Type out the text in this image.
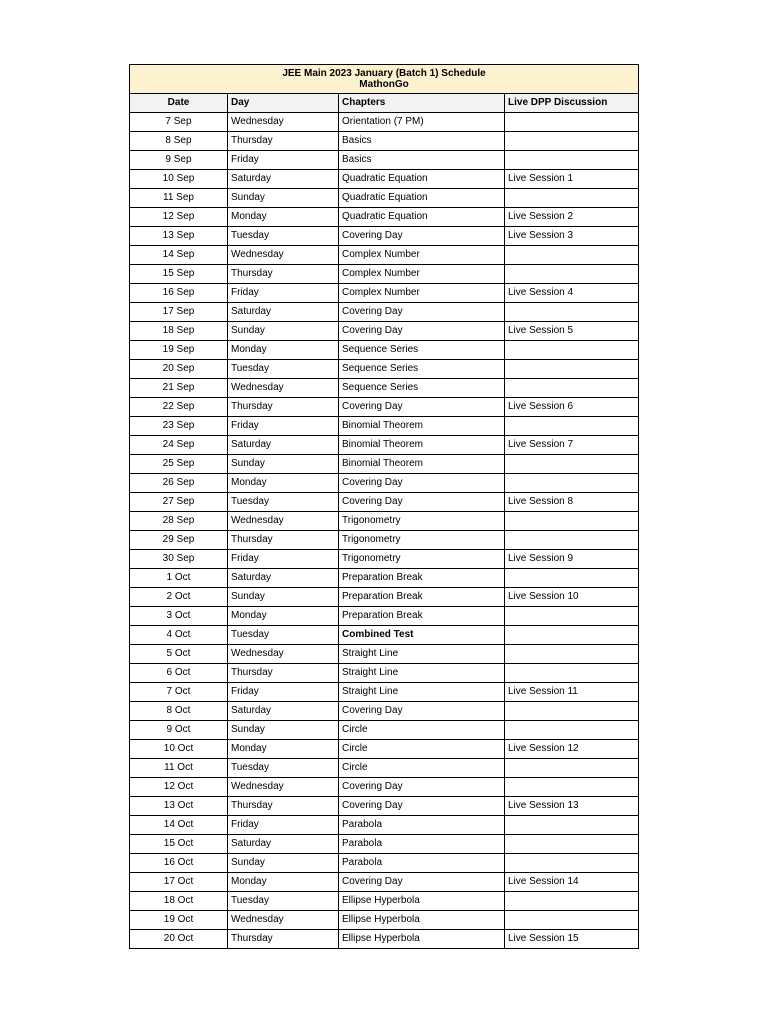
JEE Main 2023 January (Batch 1) Schedule
MathonGo			

Date	Day	Chapters	Live DPP Discussion
7 Sep	Wednesday	Orientation (7 PM)	
8 Sep	Thursday	Basics	
9 Sep	Friday	Basics	
10 Sep	Saturday	Quadratic Equation	Live Session 1
11 Sep	Sunday	Quadratic Equation	
12 Sep	Monday	Quadratic Equation	Live Session 2
13 Sep	Tuesday	Covering Day	Live Session 3
14 Sep	Wednesday	Complex Number	
15 Sep	Thursday	Complex Number	
16 Sep	Friday	Complex Number	Live Session 4
17 Sep	Saturday	Covering Day	
18 Sep	Sunday	Covering Day	Live Session 5
19 Sep	Monday	Sequence Series	
20 Sep	Tuesday	Sequence Series	
21 Sep	Wednesday	Sequence Series	
22 Sep	Thursday	Covering Day	Live Session 6
23 Sep	Friday	Binomial Theorem	
24 Sep	Saturday	Binomial Theorem	Live Session 7
25 Sep	Sunday	Binomial Theorem	
26 Sep	Monday	Covering Day	
27 Sep	Tuesday	Covering Day	Live Session 8
28 Sep	Wednesday	Trigonometry	
29 Sep	Thursday	Trigonometry	
30 Sep	Friday	Trigonometry	Live Session 9
1 Oct	Saturday	Preparation Break	
2 Oct	Sunday	Preparation Break	Live Session 10
3 Oct	Monday	Preparation Break	
4 Oct	Tuesday	Combined Test	
5 Oct	Wednesday	Straight Line	
6 Oct	Thursday	Straight Line	
7 Oct	Friday	Straight Line	Live Session 11
8 Oct	Saturday	Covering Day	
9 Oct	Sunday	Circle	
10 Oct	Monday	Circle	Live Session 12
11 Oct	Tuesday	Circle	
12 Oct	Wednesday	Covering Day	
13 Oct	Thursday	Covering Day	Live Session 13
14 Oct	Friday	Parabola	
15 Oct	Saturday	Parabola	
16 Oct	Sunday	Parabola	
17 Oct	Monday	Covering Day	Live Session 14
18 Oct	Tuesday	Ellipse Hyperbola	
19 Oct	Wednesday	Ellipse Hyperbola	
20 Oct	Thursday	Ellipse Hyperbola	Live Session 15
